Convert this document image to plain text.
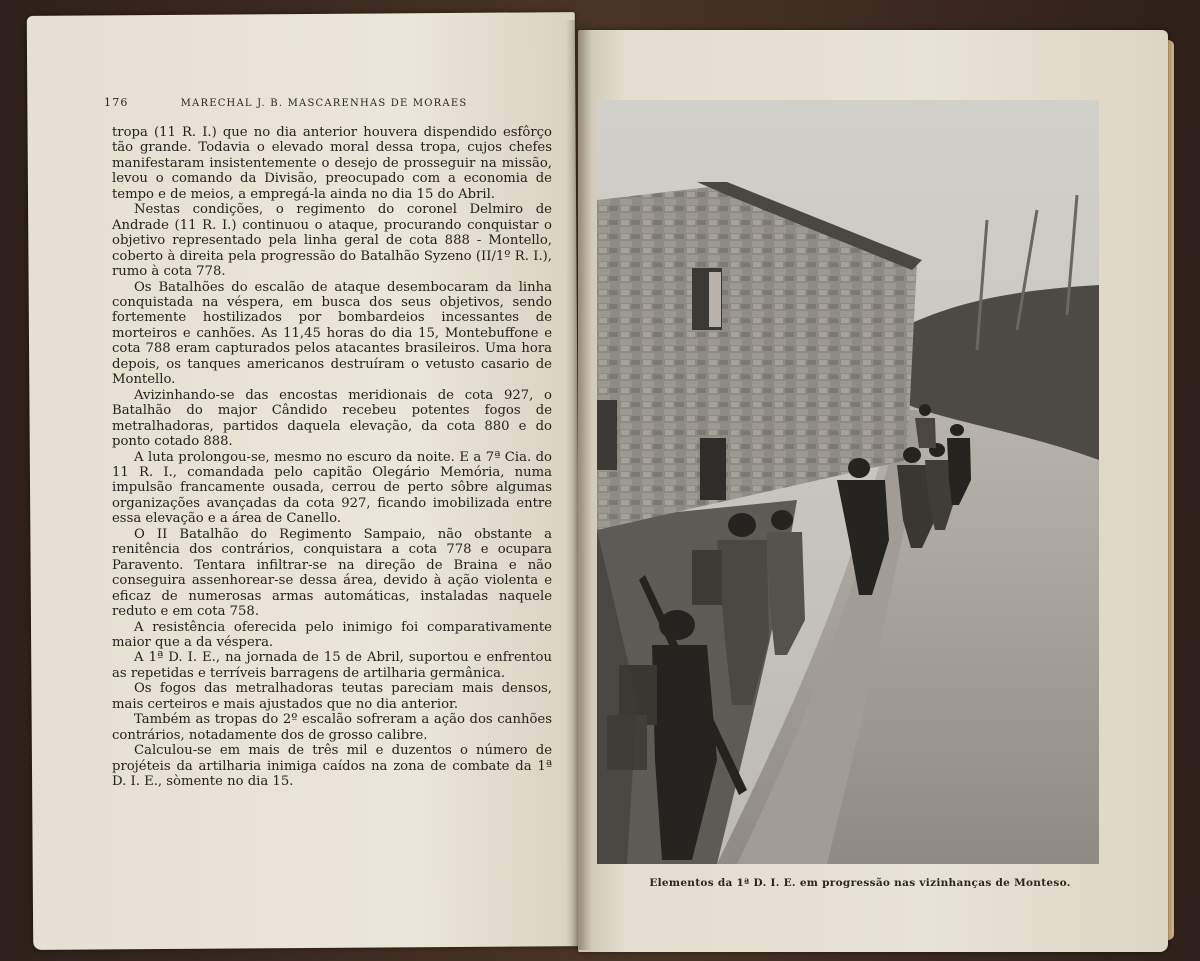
176	MARECHAL J. B. MASCARENHAS DE MORAES

tropa (11 R. I.) que no dia anterior houvera dispendido esfôrço tão grande. Todavia o elevado moral dessa tropa, cujos chefes manifestaram insistentemente o desejo de prosseguir na missão, levou o comando da Divisão, preocupado com a economia de tempo e de meios, a empregá-la ainda no dia 15 do Abril.

Nestas condições, o regimento do coronel Delmiro de Andrade (11 R. I.) continuou o ataque, procurando conquistar o objetivo representado pela linha geral de cota 888 - Montello, coberto à direita pela progressão do Batalhão Syzeno (II/1º R. I.), rumo à cota 778.

Os Batalhões do escalão de ataque desembocaram da linha conquistada na véspera, em busca dos seus objetivos, sendo fortemente hostilizados por bombardeios incessantes de morteiros e canhões. As 11,45 horas do dia 15, Montebuffone e cota 788 eram capturados pelos atacantes brasileiros. Uma hora depois, os tanques americanos destruíram o vetusto casario de Montello.

Avizinhando-se das encostas meridionais de cota 927, o Batalhão do major Cândido recebeu potentes fogos de metralhadoras, partidos daquela elevação, da cota 880 e do ponto cotado 888.

A luta prolongou-se, mesmo no escuro da noite. E a 7ª Cia. do 11 R. I., comandada pelo capitão Olegário Memória, numa impulsão francamente ousada, cerrou de perto sôbre algumas organizações avançadas da cota 927, ficando imobilizada entre essa elevação e a área de Canello.

O II Batalhão do Regimento Sampaio, não obstante a renitência dos contrários, conquistara a cota 778 e ocupara Paravento. Tentara infiltrar-se na direção de Braina e não conseguira assenhorear-se dessa área, devido à ação violenta e eficaz de numerosas armas automáticas, instaladas naquele reduto e em cota 758.

A resistência oferecida pelo inimigo foi comparativamente maior que a da véspera.

A 1ª D. I. E., na jornada de 15 de Abril, suportou e enfrentou as repetidas e terríveis barragens de artilharia germânica.

Os fogos das metralhadoras teutas pareciam mais densos, mais certeiros e mais ajustados que no dia anterior.

Também as tropas do 2º escalão sofreram a ação dos canhões contrários, notadamente dos de grosso calibre.

Calculou-se em mais de três mil e duzentos o número de projéteis da artilharia inimiga caídos na zona de combate da 1ª D. I. E., sòmente no dia 15.

Elementos da 1ª D. I. E. em progressão nas vizinhanças de Monteso.
